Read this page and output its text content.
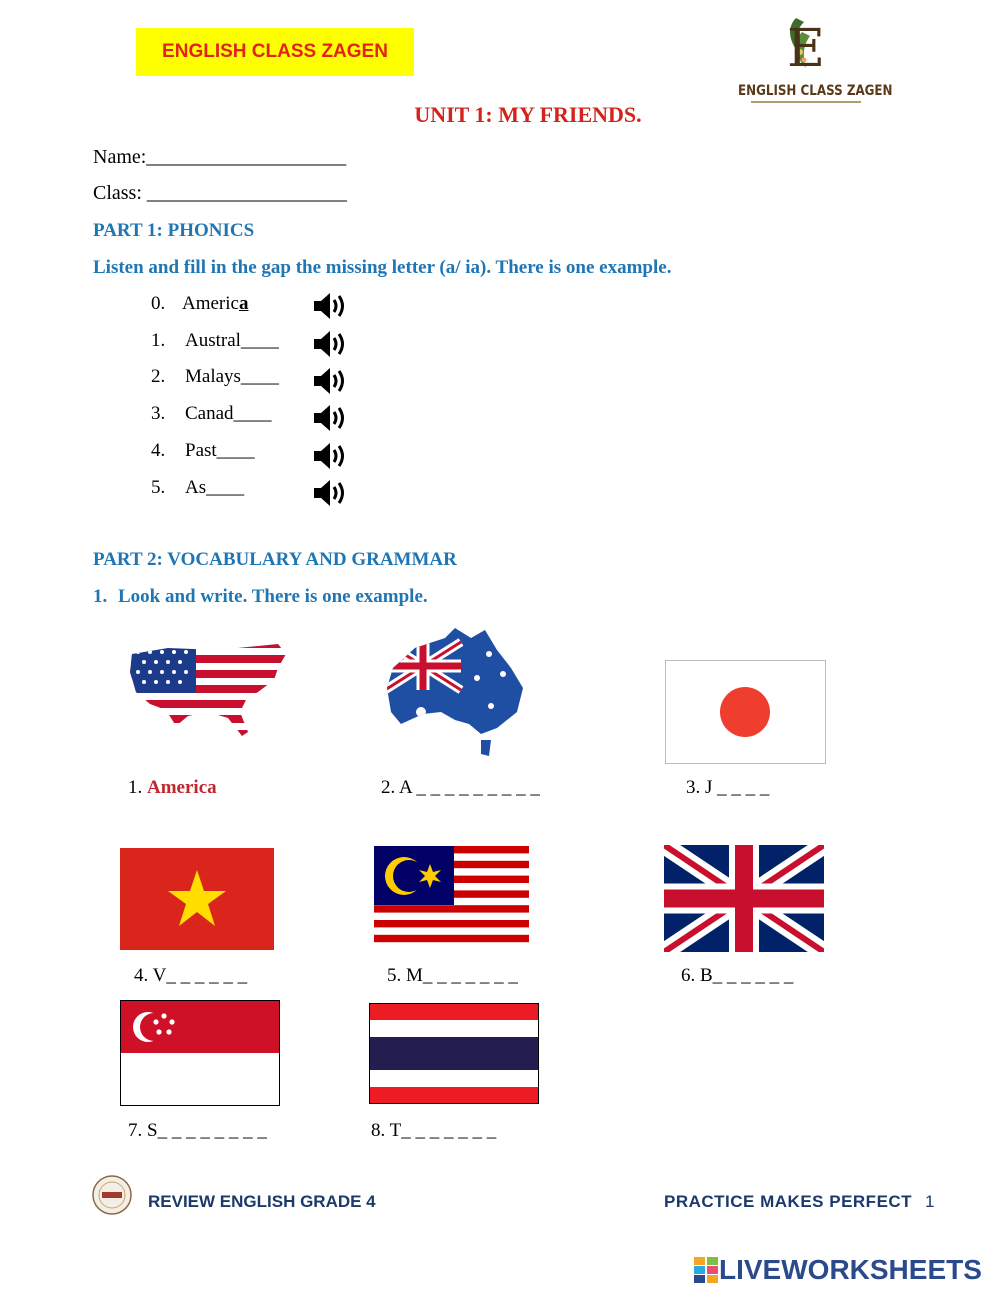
ENGLISH CLASS ZAGEN	E
ENGLISH CLASS ZAGEN
UNIT 1: MY FRIENDS.
Name:____________________
Class: ____________________
PART 1: PHONICS
Listen and fill in the gap the missing letter (a/ ia). There is one example.
0. America
1.	Austral____
2.	Malays____
3.	Canad____
4.	Past____
5.	As____
PART 2: VOCABULARY AND GRAMMAR
1. Look and write. There is one example.
1. America	2. A _ _ _ _ _ _ _ _ _	3. J _ _ _ _
4. V_ _ _ _ _ _	5. M_ _ _ _ _ _ _	6. B_ _ _ _ _ _
7. S_ _ _ _ _ _ _ _	8. T_ _ _ _ _ _ _
REVIEW ENGLISH GRADE 4	PRACTICE MAKES PERFECT 1
LIVEWORKSHEETS
